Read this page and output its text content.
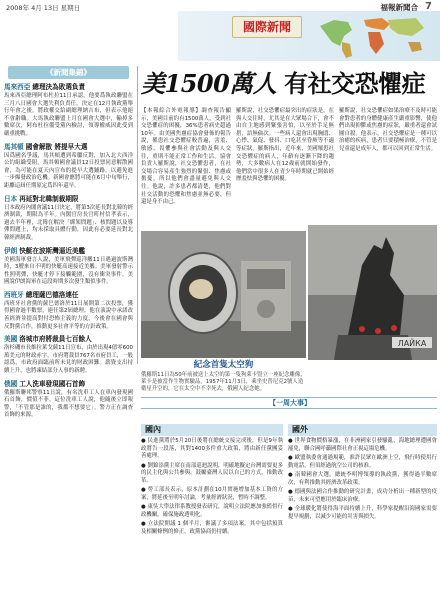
2008年 4月 13日 星期日
國際新聞
福報新聞合 7
《新聞集錦》
馬來西亞 總理決為敗選負責
馬來西亞總理阿布杜拉11日承認，他要爲執政聯盟在三月八日國會大選失利負責任，決定在12月執政黨舉行年會之後，將政權交給副總理納吉布，但表示他絕不會辭職。大馬執政聯盟上月在國會大選中，輸掉多數席次，阿布杜拉備受黨內檢討，領導權威因此受到嚴重挑戰。
馬其頓 國會解散 將提早大選
因爲國名爭議，馬其頓遭到希臘反對，加入北大西洋公約組織受阻，馬其頓國會議員12日投票同意解散國會，為可能在夏天內宣布的提早大選鋪路。以避免進一步爆發政治危機。新國會應將可能在6月中旬舉行，距離這屆任期原定爲四年還早。
日本 再延對北韓制裁期限
日本政府內閣會議11日決定，將第3次延長對北韓的經濟制裁，期限為半年。內閣官房長官町村信孝表示，過去半年裡，北韓在解決「綁架問題」、核問題以及導彈問題上，均未採取具體行動，因此有必要延長對北韓經濟制裁。
伊朗 快艇在波斯灣逼近美艦
美國海軍發言人說，美軍飛彈巡洋艦11日遇過波斯灣時，3艘來自不明的快艇高速接近美艦。美軍發射警示性照明彈，快艇才停下接觸範圍，沒有衝突事件。美國說伊朗海軍在這段時期多次發生類似事件。
西班牙 總理薩巴德洛連任
西班牙社會黨的薩巴德洛於11日展開第二次投票，獲得國會過半數票，連任第2屆總理。他在演說中承諾改善經濟並提高對付恐怖主義的力度，今後會在國會與反對黨合作，推動更多社會平等的方針政策。
美國 洛城市府將裁員七百餘人
洛杉磯市長維拉萊戈薩11日宣布，由於出現4億零600萬美元的財政赤字，市府將裁員767名市府員工，一般認爲，市政府面臨前所未見的財政困難。薪資支出持續上升，也將凍結部分人事的新聘。
俄國 工人洗車發現國石首飾
俄羅斯聯邦警察11日說，有名洗車工人在車內發現國石首飾，價值不菲。這位洗車工人說，他隨後立即報警，「不管那是誰的，我都不想要它」。警方正在調查首飾的來源。
美1500萬人 有社交恐懼症
【本報綜合外電報導】調查報告顯示，美國目前約有1500萬人，受到社交恐懼症的困擾，36%患者病史超過10年。由美國焦慮症協會發佈的報告說，罹患社交恐懼症較普遍，害羞、敏感、畏懼參與社會活動及與人交往，重則不能正常工作和生活。協會負責人羅斯說，社交恐懼患者，在社交場合容易產生強烈的緊張、焦慮或擔憂，所以他們會盡量避免與人交往。他說，許多患者都清楚，他們對社交活動的恐懼和焦慮並無必要，但還是身不由己。
羅斯說，社交恐懼症最突出的症狀是，在與人交往時，尤其是在大眾場合下，會不由自主地感到緊張害怕，以至於手足無措，語無倫次。一些病人還會出現胸悶、心悸、氣促、發抖、口吃甚至昏厥等不適等症狀。羅斯指出，近年來，美國罹患社交恐懼症的病人，年齡有逐漸下降的趨勢，大多數病人在12歲前就開始發作，他們當中很多人在青少年時期就已開始經歷羞怯與恐懼的困擾。
羅斯說，社交恐懼症如果治療不及時可能會對患者的身體健康產生嚴重影響，使他們出現抑鬱或焦慮的症狀，嚴重者還會試圖自殺。他表示，社交恐懼症是一種可以治癒的疾病，患者只要積極治療，不管是兒童還是成年人，都可以回到正常生活。
ЛАЙКА
紀念首隻太空狗
俄羅斯11日為50年前被送上太空的第一隻狗萊卡豎立一座紀念雕像，萊卡是被當作生物實驗品，1957年11月3日，乘坐史普尼克2號人造衛星升空的，它在太空中不幸死去，俄國人紀念她。
【一周大事】
國內
● 民進黨將於5月20日後將在總統交接完成後，但是9年執政將告一段落，其對1400多件重大政策，將由新任黨團妥善處理。
● 劉錦添黨主席在南部巡迴說明，明確地擬定台灣需要更多的民主化與公共參與。鼓勵臺灣人民以自己的方式，推動改革。
● 勞工部長表示，原本計劃在10月實施增加基本工資的方案，將延後至明年討論，考量經濟狀況，暫時不調整。
● 東吳大學法律系教授發表研究，說明立法院應加強監督行政機關，確保施政透明化。
● 立法院開議 1 個半月，審議了多項法案，其中包括預算及相關條例的修正，政黨協商仍持續。
國外
● 世界食物價格暴漲，在非洲國家引發騷亂，海地總理遭國會罷免，聯合國呼籲國際社會正視這場危機。
● 歐盟執委會通過規範，准許民眾在歐洲上空，飛行時使用行動電話，但須經過航空公司的核准。
● 南韓國會大選，總統李明博領導的執政黨，獲得過半數席次，有利推動其經濟改革政策。
● 德國與法國合作推動的研究計畫，成功分析出一種新型的疫苗，未來可望應用於臨床治療。
● 全球暖化將使得海平面持續上升，科學家提醒沿海國家需要提早規劃，以減少可能的災害與損失。
